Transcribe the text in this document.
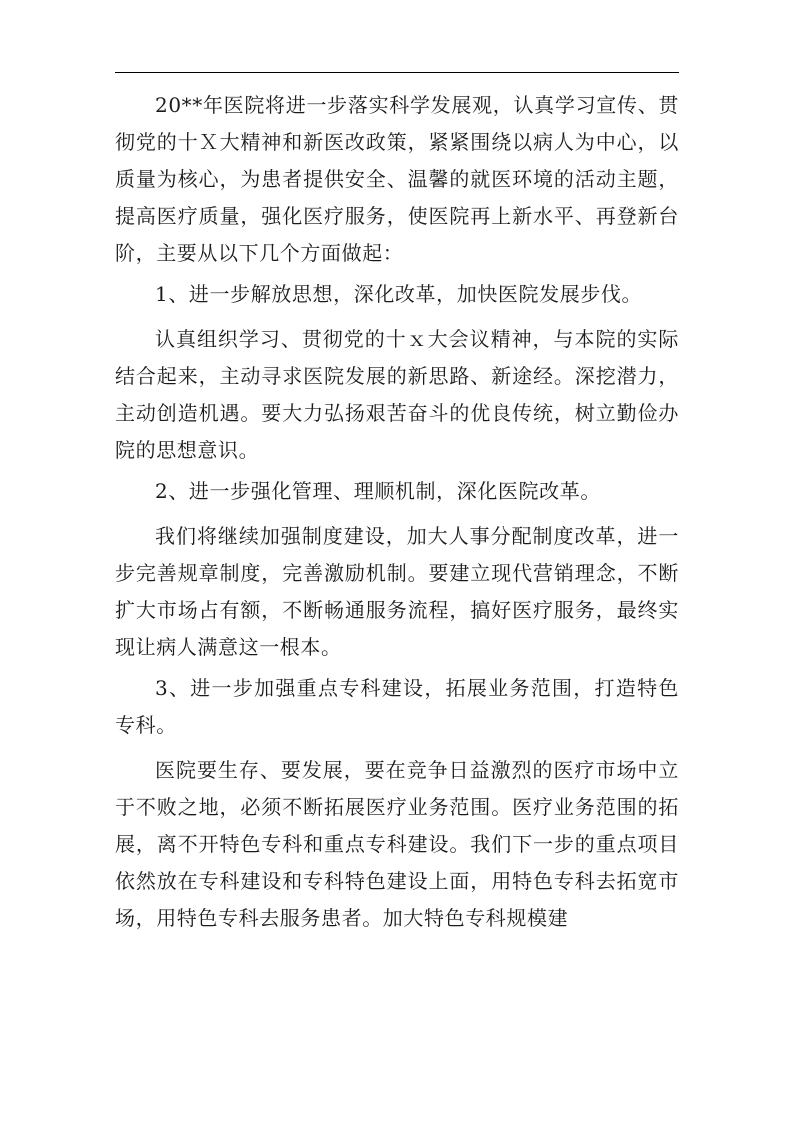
20**年医院将进一步落实科学发展观，认真学习宣传、贯彻党的十Ｘ大精神和新医改政策，紧紧围绕以病人为中心，以质量为核心，为患者提供安全、温馨的就医环境的活动主题，提高医疗质量，强化医疗服务，使医院再上新水平、再登新台阶，主要从以下几个方面做起：

1、进一步解放思想，深化改革，加快医院发展步伐。

认真组织学习、贯彻党的十ｘ大会议精神，与本院的实际结合起来，主动寻求医院发展的新思路、新途经。深挖潜力，主动创造机遇。要大力弘扬艰苦奋斗的优良传统，树立勤俭办院的思想意识。

2、进一步强化管理、理顺机制，深化医院改革。

我们将继续加强制度建设，加大人事分配制度改革，进一步完善规章制度，完善激励机制。要建立现代营销理念，不断扩大市场占有额，不断畅通服务流程，搞好医疗服务，最终实现让病人满意这一根本。

3、进一步加强重点专科建设，拓展业务范围，打造特色专科。

医院要生存、要发展，要在竞争日益激烈的医疗市场中立于不败之地，必须不断拓展医疗业务范围。医疗业务范围的拓展，离不开特色专科和重点专科建设。我们下一步的重点项目依然放在专科建设和专科特色建设上面，用特色专科去拓宽市场，用特色专科去服务患者。加大特色专科规模建
